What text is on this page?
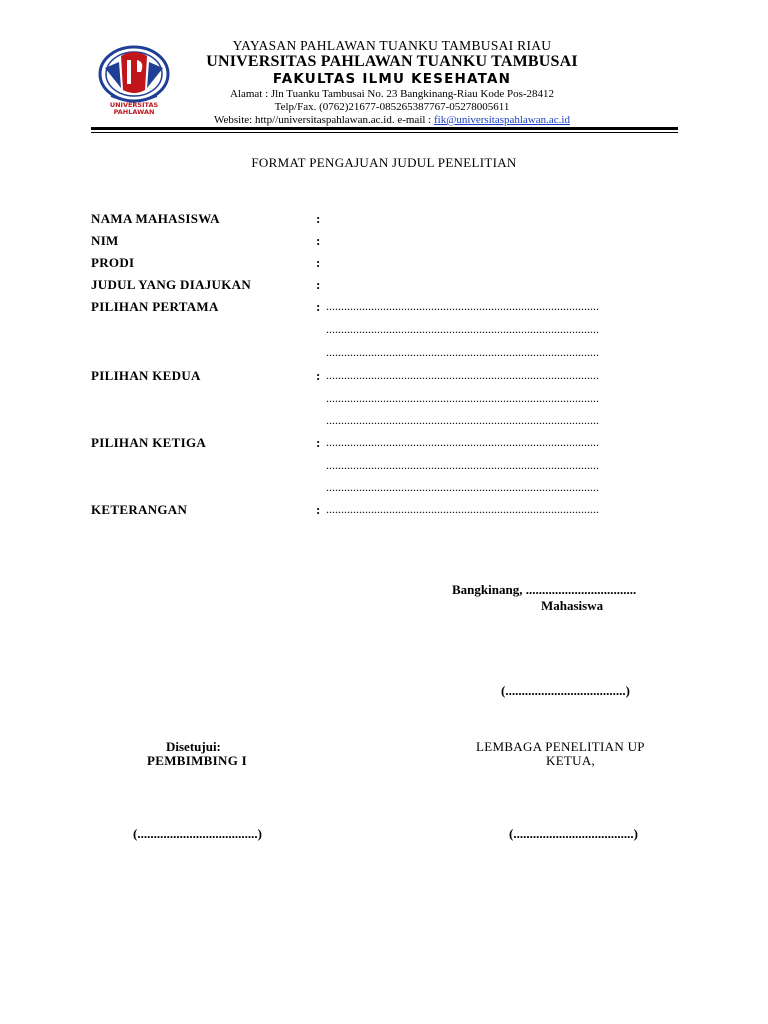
UNIVERSITAS PAHLAWAN
YAYASAN PAHLAWAN TUANKU TAMBUSAI RIAU
UNIVERSITAS PAHLAWAN TUANKU TAMBUSAI
FAKULTAS ILMU KESEHATAN
Alamat : Jln Tuanku Tambusai No. 23 Bangkinang-Riau Kode Pos-28412
Telp/Fax. (0762)21677-085265387767-05278005611
Website: http//universitaspahlawan.ac.id. e-mail : fik@universitaspahlawan.ac.id
FORMAT PENGAJUAN JUDUL PENELITIAN
NAMA MAHASISWA	:
NIM	:
PRODI	:
JUDUL YANG DIAJUKAN	:
PILIHAN PERTAMA	: ...........................................................................................
...........................................................................................
...........................................................................................
PILIHAN KEDUA	: ...........................................................................................
...........................................................................................
...........................................................................................
PILIHAN KETIGA	: ...........................................................................................
...........................................................................................
...........................................................................................
KETERANGAN	: ...........................................................................................
Bangkinang, ..................................
Mahasiswa
(.....................................)
Disetujui:
PEMBIMBING I
(.....................................)
LEMBAGA PENELITIAN UP
KETUA,
(.....................................)
